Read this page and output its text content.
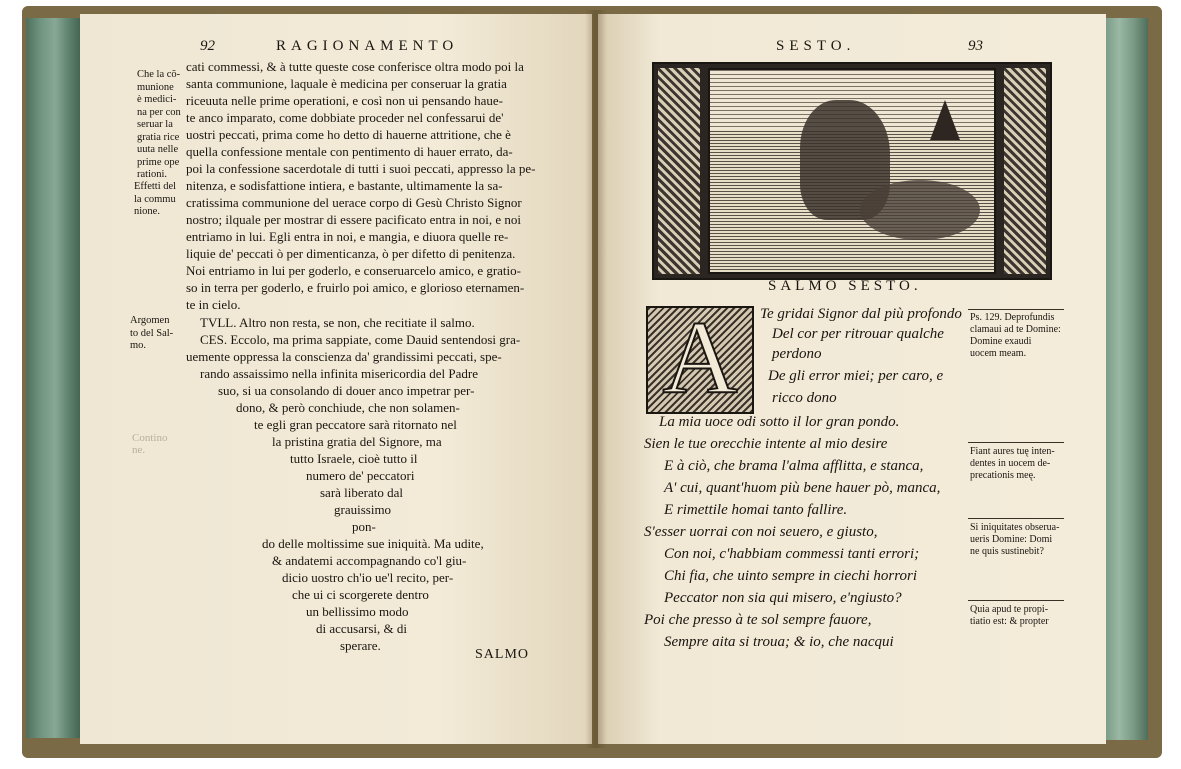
92	RAGIONAMENTO
Che la cõ-
munione
è medici-
na per con
seruar la
gratia rice
uuta nelle
prime ope
rationi.
Effetti del
la commu
nione.
Argomen
to del Sal-
mo.
cati commessi, & à tutte queste cose conferisce oltra modo poi la
santa communione, laquale è medicina per conseruar la gratia
riceuuta nelle prime operationi, e così non ui pensando haue-
te anco imparato, come dobbiate proceder nel confessarui de'
uostri peccati, prima come ho detto di hauerne attritione, che è
quella confessione mentale con pentimento di hauer errato, da-
poi la confessione sacerdotale di tutti i suoi peccati, appresso la pe-
nitenza, e sodisfattione intiera, e bastante, ultimamente la sa-
cratissima communione del uerace corpo di Gesù Christo Signor
nostro; ilquale per mostrar di essere pacificato entra in noi, e noi
entriamo in lui. Egli entra in noi, e mangia, e diuora quelle re-
liquie de' peccati ò per dimenticanza, ò per difetto di penitenza.
Noi entriamo in lui per goderlo, e conseruarcelo amico, e gratio-
so in terra per goderlo, e fruirlo poi amico, e glorioso eternamen-
te in cielo.
TVLL. Altro non resta, se non, che recitiate il salmo.
CES. Eccolo, ma prima sappiate, come Dauid sentendosi gra-
uemente oppressa la conscienza da' grandissimi peccati, spe-
rando assaissimo nella infinita misericordia del Padre
suo, si ua consolando di douer anco impetrar per-
dono, & però conchiude, che non solamen-
te egli gran peccatore sarà ritornato nel
la pristina gratia del Signore, ma
tutto Israele, cioè tutto il
numero de' peccatori
sarà liberato dal
grauissimo
pon-
do delle moltissime sue iniquità. Ma udite,
& andatemi accompagnando co'l giu-
dicio uostro ch'io ue'l recito, per-
che ui ci scorgerete dentro
un bellissimo modo
di accusarsi, & di
sperare.
Contino
ne.
SALMO
SESTO.	93
SALMO SESTO.
A	Te gridai Signor dal più profondo
Del cor per ritrouar qualche
perdono
De gli error miei; per caro, e
ricco dono
La mia uoce odi sotto il lor gran pondo.
Sien le tue orecchie intente al mio desire
E à ciò, che brama l'alma afflitta, e stanca,
A' cui, quant'huom più bene hauer pò, manca,
E rimettile homai tanto fallire.
S'esser uorrai con noi seuero, e giusto,
Con noi, c'habbiam commessi tanti errori;
Chi fia, che uinto sempre in ciechi horrori
Peccator non sia qui misero, e'ngiusto?
Poi che presso à te sol sempre fauore,
Sempre aita si troua; & io, che nacqui
Ps. 129. Deprofundis
clamaui ad te Domine:
Domine exaudi
uocem meam.
Fiant aures tuę inten-
dentes in uocem de-
precationis meę.
Si iniquitates obserua-
ueris Domine: Domi
ne quis sustinebit?
Quia apud te propi-
tiatio est: & propter
